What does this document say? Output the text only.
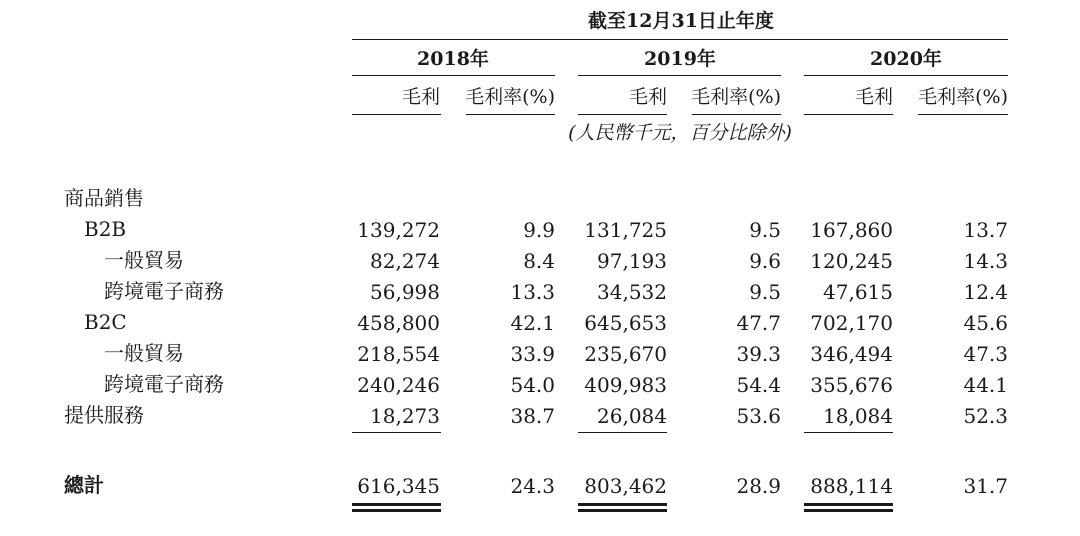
截至12月31日止年度
2018年	2019年	2020年
毛利 毛利率(%)	毛利 毛利率(%)	毛利 毛利率(%)
(人民幣千元，百分比除外)
商品銷售
B2B	139,272	9.9 131,725	9.5 167,860	13.7
一般貿易	82,274	8.4 97,193	9.6 120,245	14.3
跨境電子商務	56,998	13.3 34,532	9.5 47,615	12.4
B2C	458,800	42.1 645,653	47.7 702,170	45.6
一般貿易	218,554	33.9 235,670	39.3 346,494	47.3
跨境電子商務	240,246	54.0 409,983	54.4 355,676	44.1
提供服務	18,273	38.7 26,084	53.6 18,084	52.3
總計	616,345	24.3 803,462	28.9 888,114	31.7
